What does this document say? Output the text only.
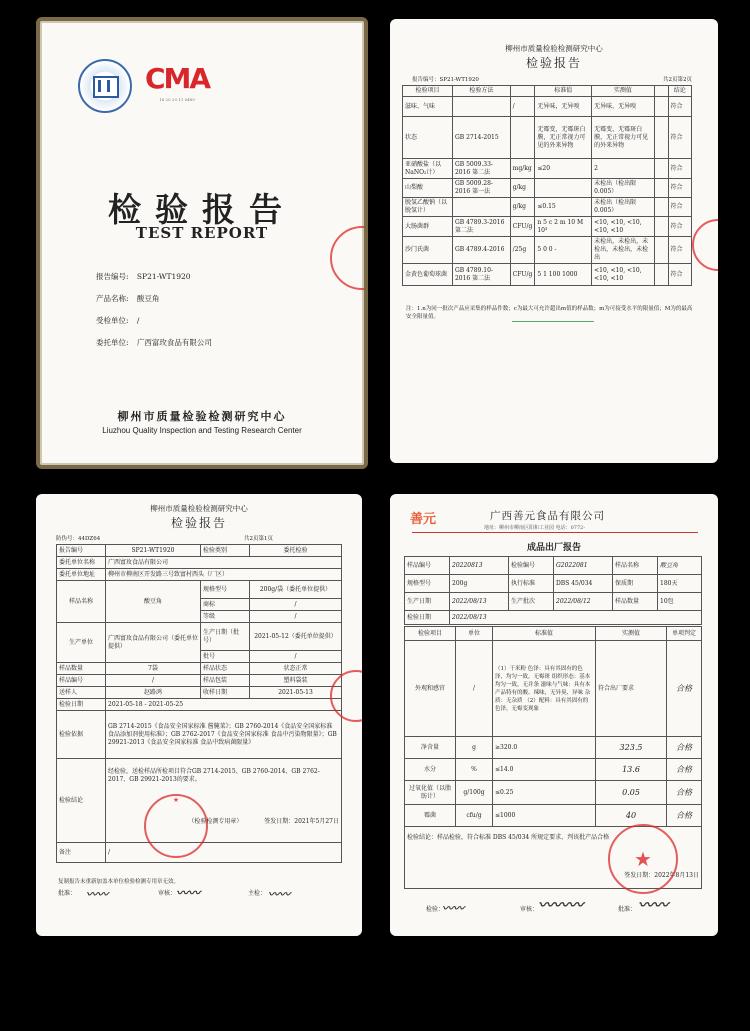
CMA
18 20 20 11 0489
检验报告
TEST REPORT
报告编号: SP21-WT1920
产品名称: 酸豆角
受检单位: /
委托单位: 广西富玫食品有限公司
柳州市质量检验检测研究中心
Liuzhou Quality Inspection and Testing Research Center
柳州市质量检验检测研究中心
检验报告
报告编号：SP21-WT1920	共2页第2页
检验项目	检验方法		标准值	实测值		结论
滋味、气味		/	无异味，无异嗅	无异味，无异嗅		符合
状态	GB 2714-2015		无霉变，无霉斑白膜，无正常视力可见的外来异物	无霉变，无霉斑白膜，无正常视力可见的外来异物		符合
亚硝酸盐（以NaNO₂计）	GB 5009.33-2016 第二法	mg/kg	≤20	2		符合
山梨酸	GB 5009.28-2016 第一法	g/kg		未检出（检出限0.005）		符合
脱氢乙酸钠（以脱氢计）		g/kg	≤0.15	未检出（检出限0.005）		符合
大肠菌群	GB 4789.3-2016 第二法	CFU/g	n 5 c 2 m 10 M 10³	<10, <10, <10, <10, <10		符合
沙门氏菌	GB 4789.4-2016	/25g	5 0 0 -	未检出，未检出，未检出，未检出，未检出		符合
金黄色葡萄球菌	GB 4789.10-2016 第二法	CFU/g	5 1 100 1000	<10, <10, <10, <10, <10		符合
注：1.n为同一批次产品应采集的样品件数；c为最大可允许超出m值的样品数；m为可接受水平的限量值；M为的最高安全限量值。
柳州市质量检验检测研究中心
检验报告
防伪号：44DZ64	共2页第1页
报告编号	SP21-WT1920	检验类别	委托检验
委托单位名称	广西富玫食品有限公司		
委托单位地址	柳州市柳南区开发路三号致富村西头（厂区）		
样品名称	酸豆角	规格型号	200g/袋（委托单位提供）
		商标	/
		等级	/
生产单位	广西富玫食品有限公司（委托单位提供）	生产日期（批号）	2021-05-12（委托单位提供）
		批号	/
样品数量	7袋	样品状态	状态正常
样品编号	/	样品包装	塑料袋装
送样人	赵路鸿	收样日期	2021-05-13
检验日期	2021-05-18 - 2021-05-25		
检验依据	GB 2714-2015《食品安全国家标准 酱腌菜》；GB 2760-2014《食品安全国家标准 食品添加剂使用标准》；GB 2762-2017《食品安全国家标准 食品中污染物限量》；GB 29921-2013《食品安全国家标准 食品中致病菌限量》		
检验结论	经检验，送检样品所检项目符合GB 2714-2015、GB 2760-2014、GB 2762-2017、GB 29921-2013的要求。
（检验检测专用章） 签发日期：2021年5月27日		

备注	/		
★
复制报告未重新加盖本单位检验检测专用章无效。
批准：	审核：	主检：
〰〰	〰〰	〰〰
善元	广西善元食品有限公司
地址：柳州市柳南区阳和工业园 电话：0772-
成品出厂报告
样品编号	20220813	检验编号	G2022081	样品名称	酸豆角
规格型号	200g	执行标准	DBS 45/034	保质期	180天
生产日期	2022/08/13	生产批次	2022/08/12	样品数量	10包
检验日期	2022/08/13				
检验项目	单位	标准值	实测值	单项判定
外观和感官	/	（1）干米粉 色泽：具有其固有的色泽，均匀一致，无霉斑 组织形态：基本均匀一致，无并条 滋味与气味：具有本产品特有的酸、辣味，无异臭、异味 杂质：无杂质 （2）配料：具有其固有的色泽，无霉变现象	符合出厂要求	合格
净含量	g	≥320.0	323.5	合格
水分	%	≤14.0	13.6	合格
过氧化值（以脂肪计）	g/100g	≤0.25	0.05	合格
霉菌	cfu/g	≤1000	40	合格

检验结论：样品检验，符合标准 DBS 45/034 所规定要求，判该批产品合格
签发日期：2022年8月13日				
★
检验：	审核：	批准：
〰〰	〰〰〰	〰〰
